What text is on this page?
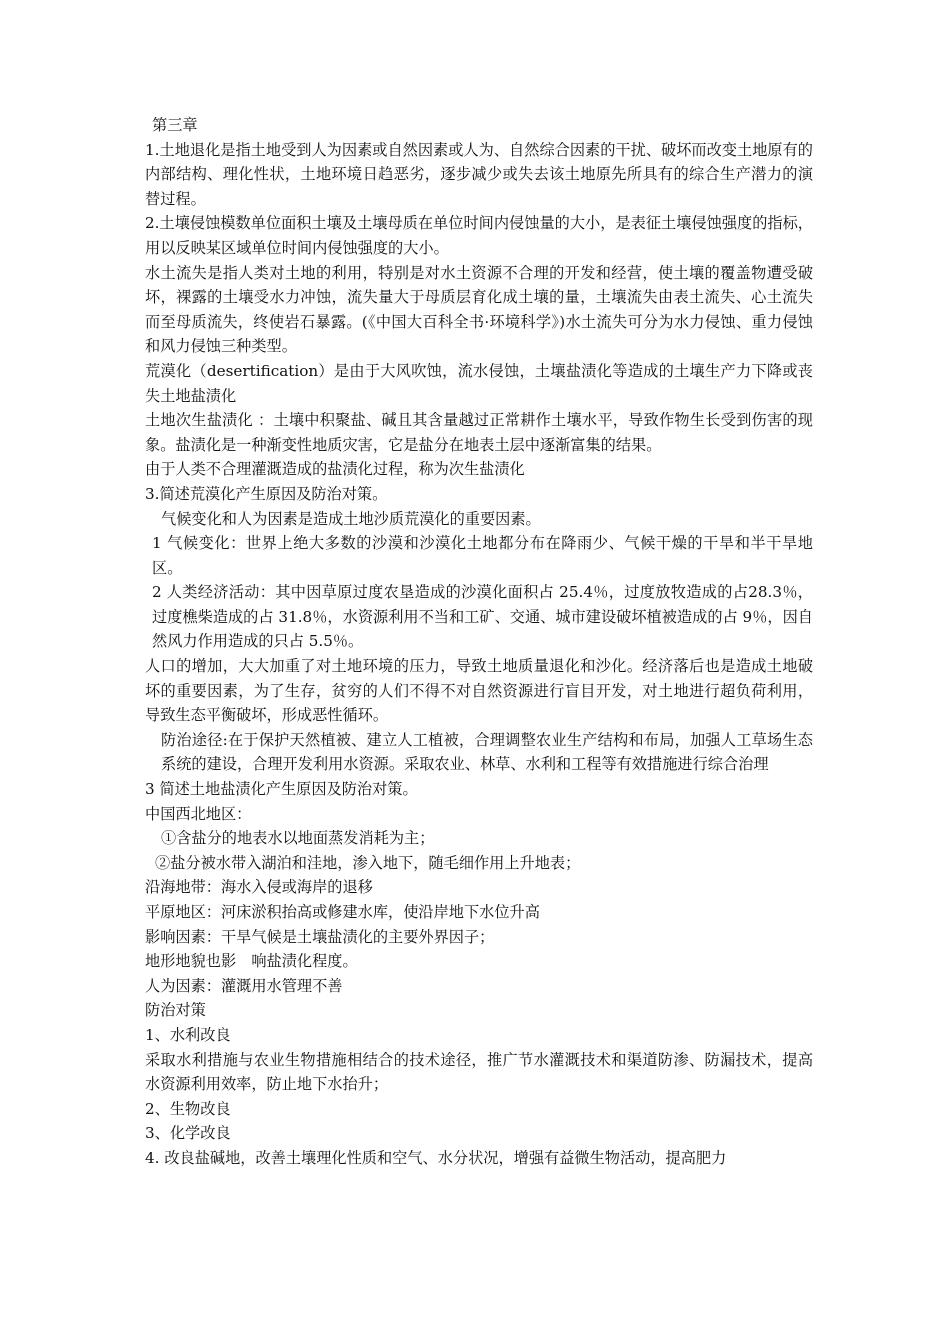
第三章
1.土地退化是指土地受到人为因素或自然因素或人为、自然综合因素的干扰、破坏而改变土地原有的内部结构、理化性状，土地环境日趋恶劣，逐步减少或失去该土地原先所具有的综合生产潜力的演替过程。
2.土壤侵蚀模数单位面积土壤及土壤母质在单位时间内侵蚀量的大小，是表征土壤侵蚀强度的指标，用以反映某区域单位时间内侵蚀强度的大小。
水土流失是指人类对土地的利用，特别是对水土资源不合理的开发和经营，使土壤的覆盖物遭受破坏，裸露的土壤受水力冲蚀，流失量大于母质层育化成土壤的量，土壤流失由表土流失、心土流失而至母质流失，终使岩石暴露。(《中国大百科全书·环境科学》)水土流失可分为水力侵蚀、重力侵蚀和风力侵蚀三种类型。
荒漠化（desertification）是由于大风吹蚀，流水侵蚀，土壤盐渍化等造成的土壤生产力下降或丧失土地盐渍化
土地次生盐渍化 ：土壤中积聚盐、碱且其含量越过正常耕作土壤水平，导致作物生长受到伤害的现象。盐渍化是一种渐变性地质灾害，它是盐分在地表土层中逐渐富集的结果。
由于人类不合理灌溉造成的盐渍化过程，称为次生盐渍化
3.简述荒漠化产生原因及防治对策。
气候变化和人为因素是造成土地沙质荒漠化的重要因素。
1 气候变化：世界上绝大多数的沙漠和沙漠化土地都分布在降雨少、气候干燥的干旱和半干旱地区。
2 人类经济活动：其中因草原过度农垦造成的沙漠化面积占 25.4％，过度放牧造成的占28.3％，过度樵柴造成的占 31.8％，水资源利用不当和工矿、交通、城市建设破坏植被造成的占 9％，因自然风力作用造成的只占 5.5％。
人口的增加，大大加重了对土地环境的压力，导致土地质量退化和沙化。经济落后也是造成土地破坏的重要因素，为了生存，贫穷的人们不得不对自然资源进行盲目开发，对土地进行超负荷利用，导致生态平衡破坏，形成恶性循环。
防治途径:在于保护天然植被、建立人工植被，合理调整农业生产结构和布局，加强人工草场生态系统的建设，合理开发利用水资源。采取农业、林草、水利和工程等有效措施进行综合治理
3 简述土地盐渍化产生原因及防治对策。
中国西北地区：
①含盐分的地表水以地面蒸发消耗为主；
②盐分被水带入湖泊和洼地，渗入地下，随毛细作用上升地表；
沿海地带：海水入侵或海岸的退移
平原地区：河床淤积抬高或修建水库，使沿岸地下水位升高
影响因素：干旱气候是土壤盐渍化的主要外界因子；
地形地貌也影　响盐渍化程度。
人为因素：灌溉用水管理不善
防治对策
1、水利改良
采取水利措施与农业生物措施相结合的技术途径，推广节水灌溉技术和渠道防渗、防漏技术，提高水资源利用效率，防止地下水抬升；
2、生物改良
3、化学改良
4. 改良盐碱地，改善土壤理化性质和空气、水分状况，增强有益微生物活动，提高肥力
